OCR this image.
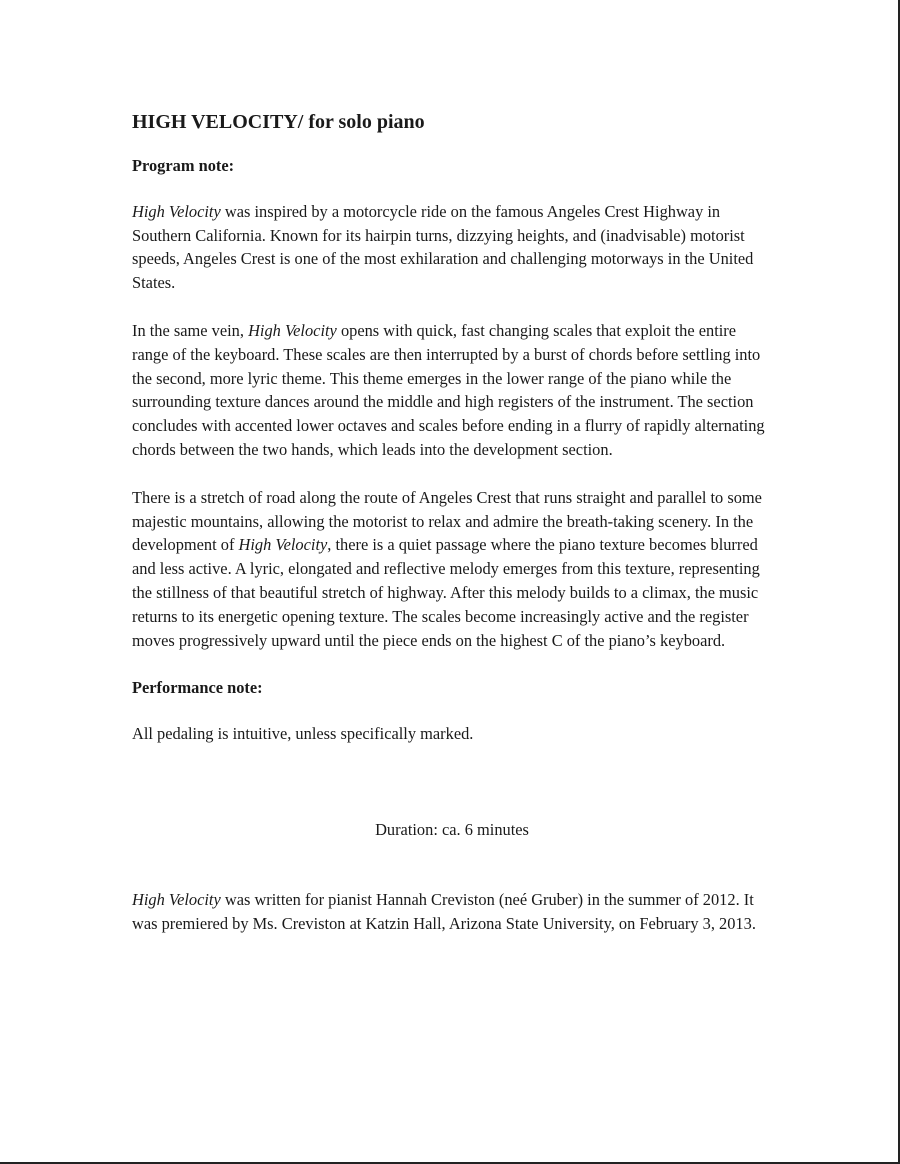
HIGH VELOCITY/ for solo piano
Program note:

High Velocity was inspired by a motorcycle ride on the famous Angeles Crest Highway in Southern California. Known for its hairpin turns, dizzying heights, and (inadvisable) motorist speeds, Angeles Crest is one of the most exhilaration and challenging motorways in the United States.

In the same vein, High Velocity opens with quick, fast changing scales that exploit the entire range of the keyboard. These scales are then interrupted by a burst of chords before settling into the second, more lyric theme. This theme emerges in the lower range of the piano while the surrounding texture dances around the middle and high registers of the instrument. The section concludes with accented lower octaves and scales before ending in a flurry of rapidly alternating chords between the two hands, which leads into the development section.

There is a stretch of road along the route of Angeles Crest that runs straight and parallel to some majestic mountains, allowing the motorist to relax and admire the breath-taking scenery. In the development of High Velocity, there is a quiet passage where the piano texture becomes blurred and less active. A lyric, elongated and reflective melody emerges from this texture, representing the stillness of that beautiful stretch of highway. After this melody builds to a climax, the music returns to its energetic opening texture. The scales become increasingly active and the register moves progressively upward until the piece ends on the highest C of the piano’s keyboard.

Performance note:

All pedaling is intuitive, unless specifically marked.

Duration: ca. 6 minutes

High Velocity was written for pianist Hannah Creviston (neé Gruber) in the summer of 2012. It was premiered by Ms. Creviston at Katzin Hall, Arizona State University, on February 3, 2013.
